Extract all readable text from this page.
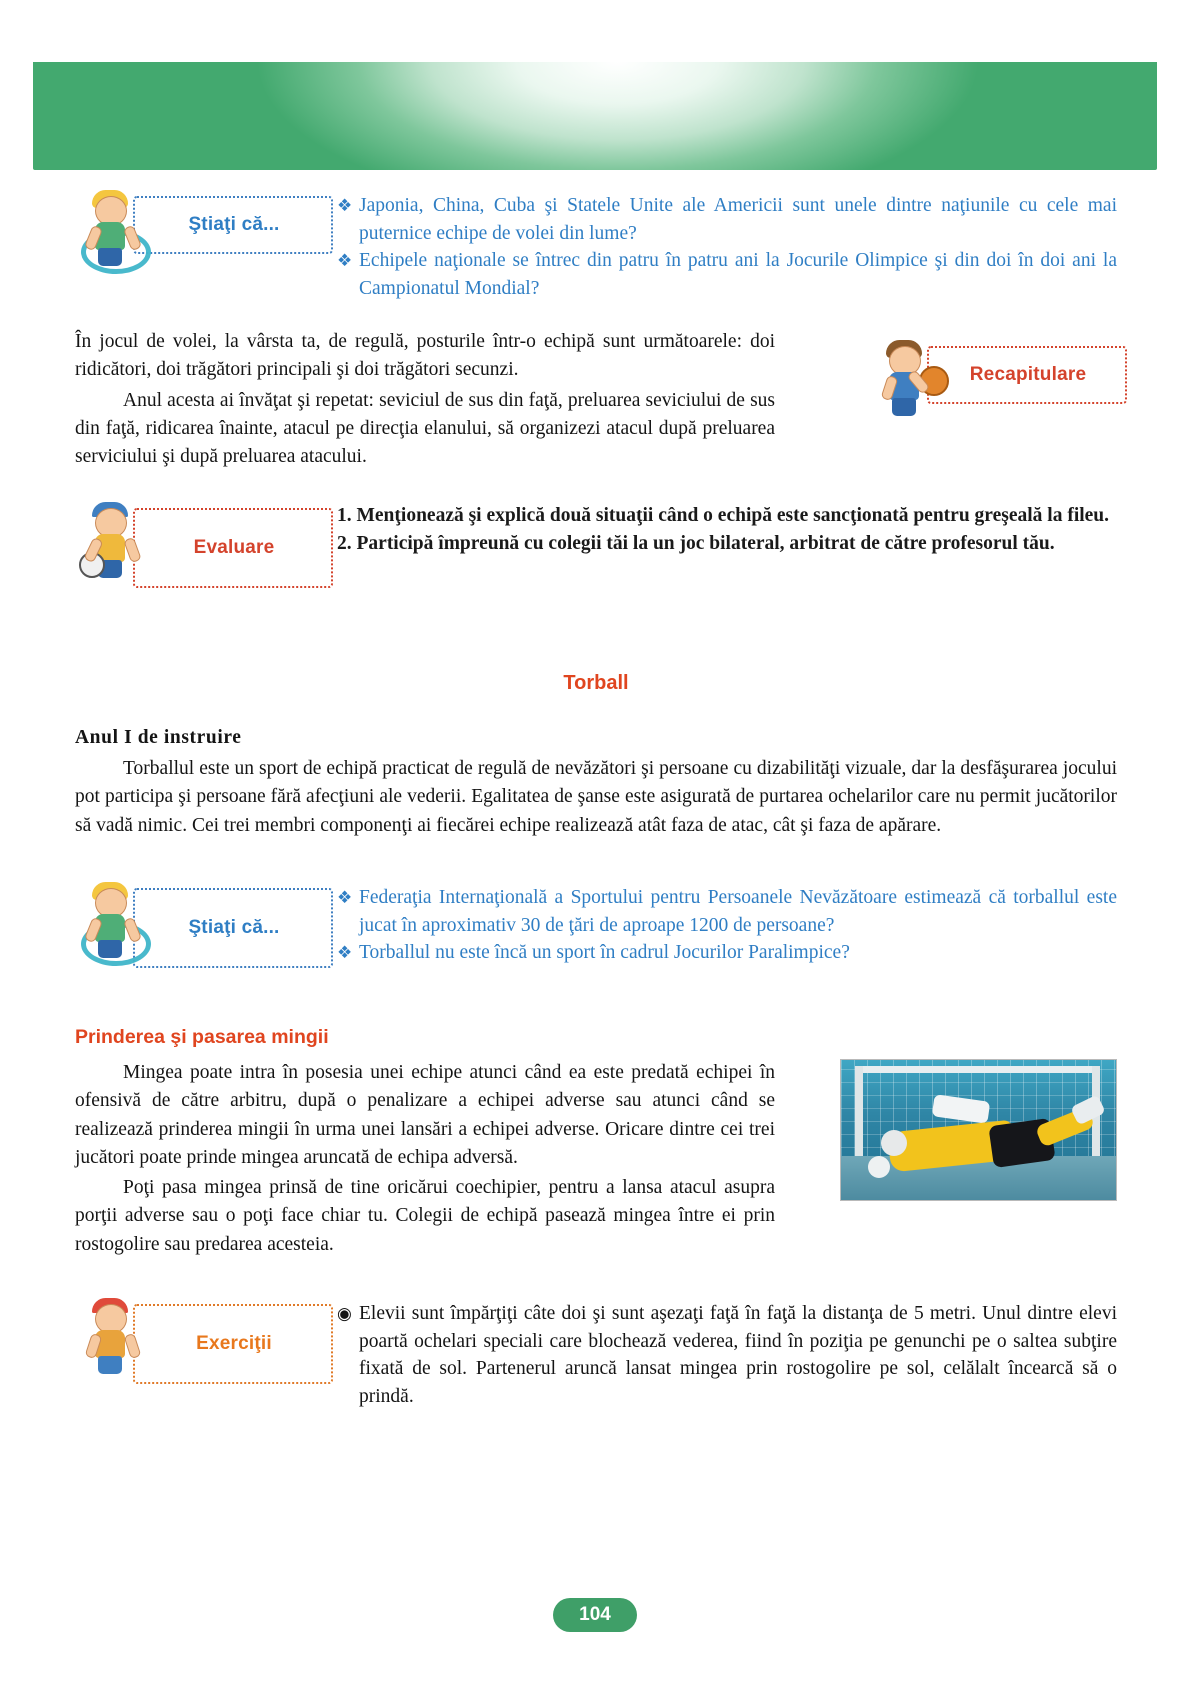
Ştiaţi că...
❖ Japonia, China, Cuba şi Statele Unite ale Americii sunt unele dintre naţiunile cu cele mai puternice echipe de volei din lume?
❖ Echipele naţionale se întrec din patru în patru ani la Jocurile Olimpice şi din doi în doi ani la Campionatul Mondial?
Recapitulare

În jocul de volei, la vârsta ta, de regulă, posturile într-o echipă sunt următoarele: doi ridicători, doi trăgători principali şi doi trăgători secunzi.

Anul acesta ai învăţat şi repetat: seviciul de sus din faţă, preluarea seviciului de sus din faţă, ridicarea înainte, atacul pe direcţia elanului, să organizezi atacul după preluarea serviciului şi după preluarea atacului.

Evaluare
1. Menţionează şi explică două situaţii când o echipă este sancţionată pentru greşeală la fileu.
2. Participă împreună cu colegii tăi la un joc bilateral, arbitrat de către profesorul tău.
Torball
Anul I de instruire

Torballul este un sport de echipă practicat de regulă de nevăzători şi persoane cu dizabilităţi vizuale, dar la desfăşurarea jocului pot participa şi persoane fără afecţiuni ale vederii. Egalitatea de şanse este asigurată de purtarea ochelarilor care nu permit jucătorilor să vadă nimic. Cei trei membri componenţi ai fiecărei echipe realizează atât faza de atac, cât şi faza de apărare.

Ştiaţi că...
❖ Federaţia Internaţională a Sportului pentru Persoanele Nevăzătoare estimează că torballul este jucat în aproximativ 30 de ţări de aproape 1200 de persoane?
❖ Torballul nu este încă un sport în cadrul Jocurilor Paralimpice?
Prinderea şi pasarea mingii

Mingea poate intra în posesia unei echipe atunci când ea este predată echipei în ofensivă de către arbitru, după o penalizare a echipei adverse sau atunci când se realizează prinderea mingii în urma unei lansări a echipei adverse. Oricare dintre cei trei jucători poate prinde mingea aruncată de echipa adversă.

Poţi pasa mingea prinsă de tine oricărui coechipier, pentru a lansa atacul asupra porţii adverse sau o poţi face chiar tu. Colegii de echipă pasează mingea între ei prin rostogolire sau predarea acesteia.

Exerciţii
◉ Elevii sunt împărţiţi câte doi şi sunt aşezaţi faţă în faţă la distanţa de 5 metri. Unul dintre elevi poartă ochelari speciali care blochează vederea, fiind în poziţia pe genunchi pe o saltea subţire fixată de sol. Partenerul aruncă lansat mingea prin rostogolire pe sol, celălalt încearcă să o prindă.
104
